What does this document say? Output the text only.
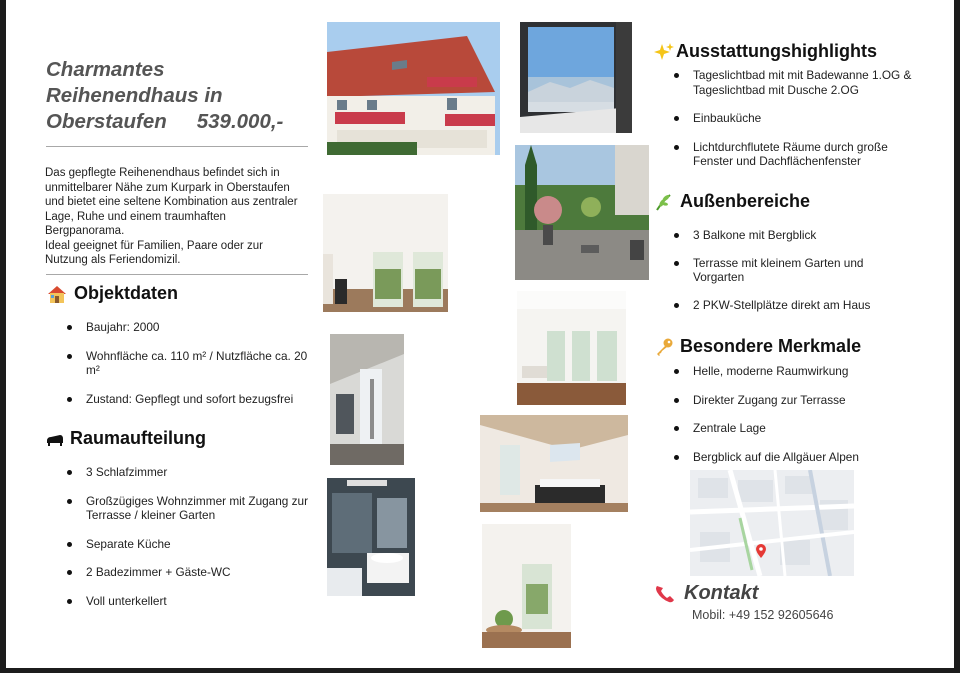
Charmantes
Reihenendhaus in
Oberstaufen 539.000,-

Das gepflegte Reihenendhaus befindet sich in unmittelbarer Nähe zum Kurpark in Oberstaufen und bietet eine seltene Kombination aus zentraler Lage, Ruhe und einem traumhaften Bergpanorama.

Ideal geeignet für Familien, Paare oder zur Nutzung als Feriendomizil.

Objektdaten
Baujahr: 2000
Wohnfläche ca. 110 m² / Nutzfläche ca. 20 m²
Zustand: Gepflegt und sofort bezugsfrei
Raumaufteilung
3 Schlafzimmer
Großzügiges Wohnzimmer mit Zugang zur Terrasse / kleiner Garten
Separate Küche
2 Badezimmer + Gäste-WC
Voll unterkellert
Ausstattungshighlights
Tageslichtbad mit mit Badewanne 1.OG & Tageslichtbad mit Dusche 2.OG
Einbauküche
Lichtdurchflutete Räume durch große Fenster und Dachflächenfenster
Außenbereiche
3 Balkone mit Bergblick
Terrasse mit kleinem Garten und Vorgarten
2 PKW-Stellplätze direkt am Haus
Besondere Merkmale
Helle, moderne Raumwirkung
Direkter Zugang zur Terrasse
Zentrale Lage
Bergblick auf die Allgäuer Alpen
Kontakt
Mobil: +49 152 92605646
